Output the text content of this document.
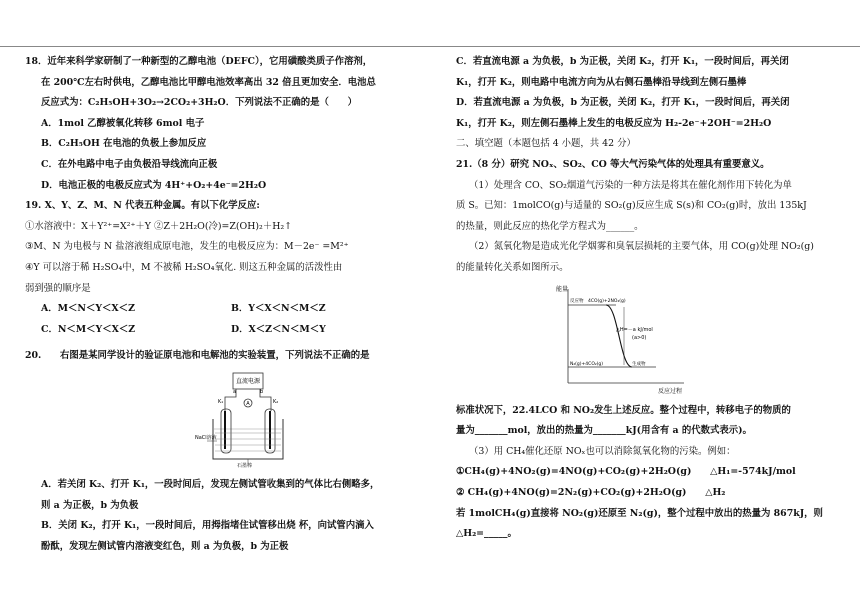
18．近年来科学家研制了一种新型的乙醇电池（DEFC），它用磺酸类质子作溶剂，
在 200℃左右时供电，乙醇电池比甲醇电池效率高出 32 倍且更加安全．电池总
反应式为：C₂H₅OH+3O₂→2CO₂+3H₂O．下列说法不正确的是（　　）
A．1mol 乙醇被氧化转移 6mol 电子
B．C₂H₅OH 在电池的负极上参加反应
C．在外电路中电子由负极沿导线流向正极
D．电池正极的电极反应式为 4H⁺+O₂+4e⁻=2H₂O
19. X、Y、Z、M、N 代表五种金属。有以下化学反应:
①水溶液中：X＋Y²⁺=X²⁺＋Y ②Z＋2H₂O(冷)=Z(OH)₂＋H₂↑
③M、N 为电极与 N 盐溶液组成原电池，发生的电极反应为：M－2e⁻ =M²⁺
④Y 可以溶于稀 H₂SO₄中，M 不被稀 H₂SO₄氧化. 则这五种金属的活泼性由
弱到强的顺序是
A．M＜N＜Y＜X＜Z	B．Y＜X＜N＜M＜Z
C．N＜M＜Y＜X＜Z	D．X＜Z＜N＜M＜Y
20.　　右图是某同学设计的验证原电池和电解池的实验装置，下列说法不正确的是
直流电源
a	b
A
K₁	K₂
NaCl溶液
石墨棒
A．若关闭 K₂、打开 K₁，一段时间后，发现左侧试管收集到的气体比右侧略多，
则 a 为正极，b 为负极
B．关闭 K₂，打开 K₁，一段时间后，用拇指堵住试管移出烧 杯，向试管内滴入
酚酞，发现左侧试管内溶液变红色，则 a 为负极，b 为正极
C．若直流电源 a 为负极，b 为正极，关闭 K₂，打开 K₁，一段时间后，再关闭
K₁，打开 K₂，则电路中电流方向为从右侧石墨棒沿导线到左侧石墨棒
D．若直流电源 a 为负极，b 为正极，关闭 K₂，打开 K₁，一段时间后，再关闭
K₁，打开 K₂，则左侧石墨棒上发生的电极反应为 H₂-2e⁻+2OH⁻=2H₂O
二、填空题（本题包括 4 小题，共 42 分）
21.（8 分）研究 NOₓ、SO₂、CO 等大气污染气体的处理具有重要意义。
（1）处理含 CO、SO₂烟道气污染的一种方法是将其在催化剂作用下转化为单
质 S。已知：1molCO(g)与适量的 SO₂(g)反应生成 S(s)和 CO₂(g)时，放出 135kJ
的热量，则此反应的热化学方程式为______。
（2）氮氧化物是造成光化学烟雾和臭氧层损耗的主要气体，用 CO(g)处理 NO₂(g)
的能量转化关系如图所示。
能量
反应过程
反应物 4CO(g)+2NO₂(g)
N₂(g)+4CO₂(g)	生成物
△H=－a kJ/mol
(a>0)
标准状况下，22.4LCO 和 NO₂发生上述反应。整个过程中，转移电子的物质的
量为_______mol，放出的热量为_______kJ(用含有 a 的代数式表示)。
（3）用 CH₄催化还原 NOₓ也可以消除氮氧化物的污染。例如：
①CH₄(g)+4NO₂(g)=4NO(g)+CO₂(g)+2H₂O(g)　　△H₁=-574kJ/mol
② CH₄(g)+4NO(g)=2N₂(g)+CO₂(g)+2H₂O(g)　　△H₂
若 1molCH₄(g)直接将 NO₂(g)还原至 N₂(g)，整个过程中放出的热量为 867kJ，则
△H₂=_____。
